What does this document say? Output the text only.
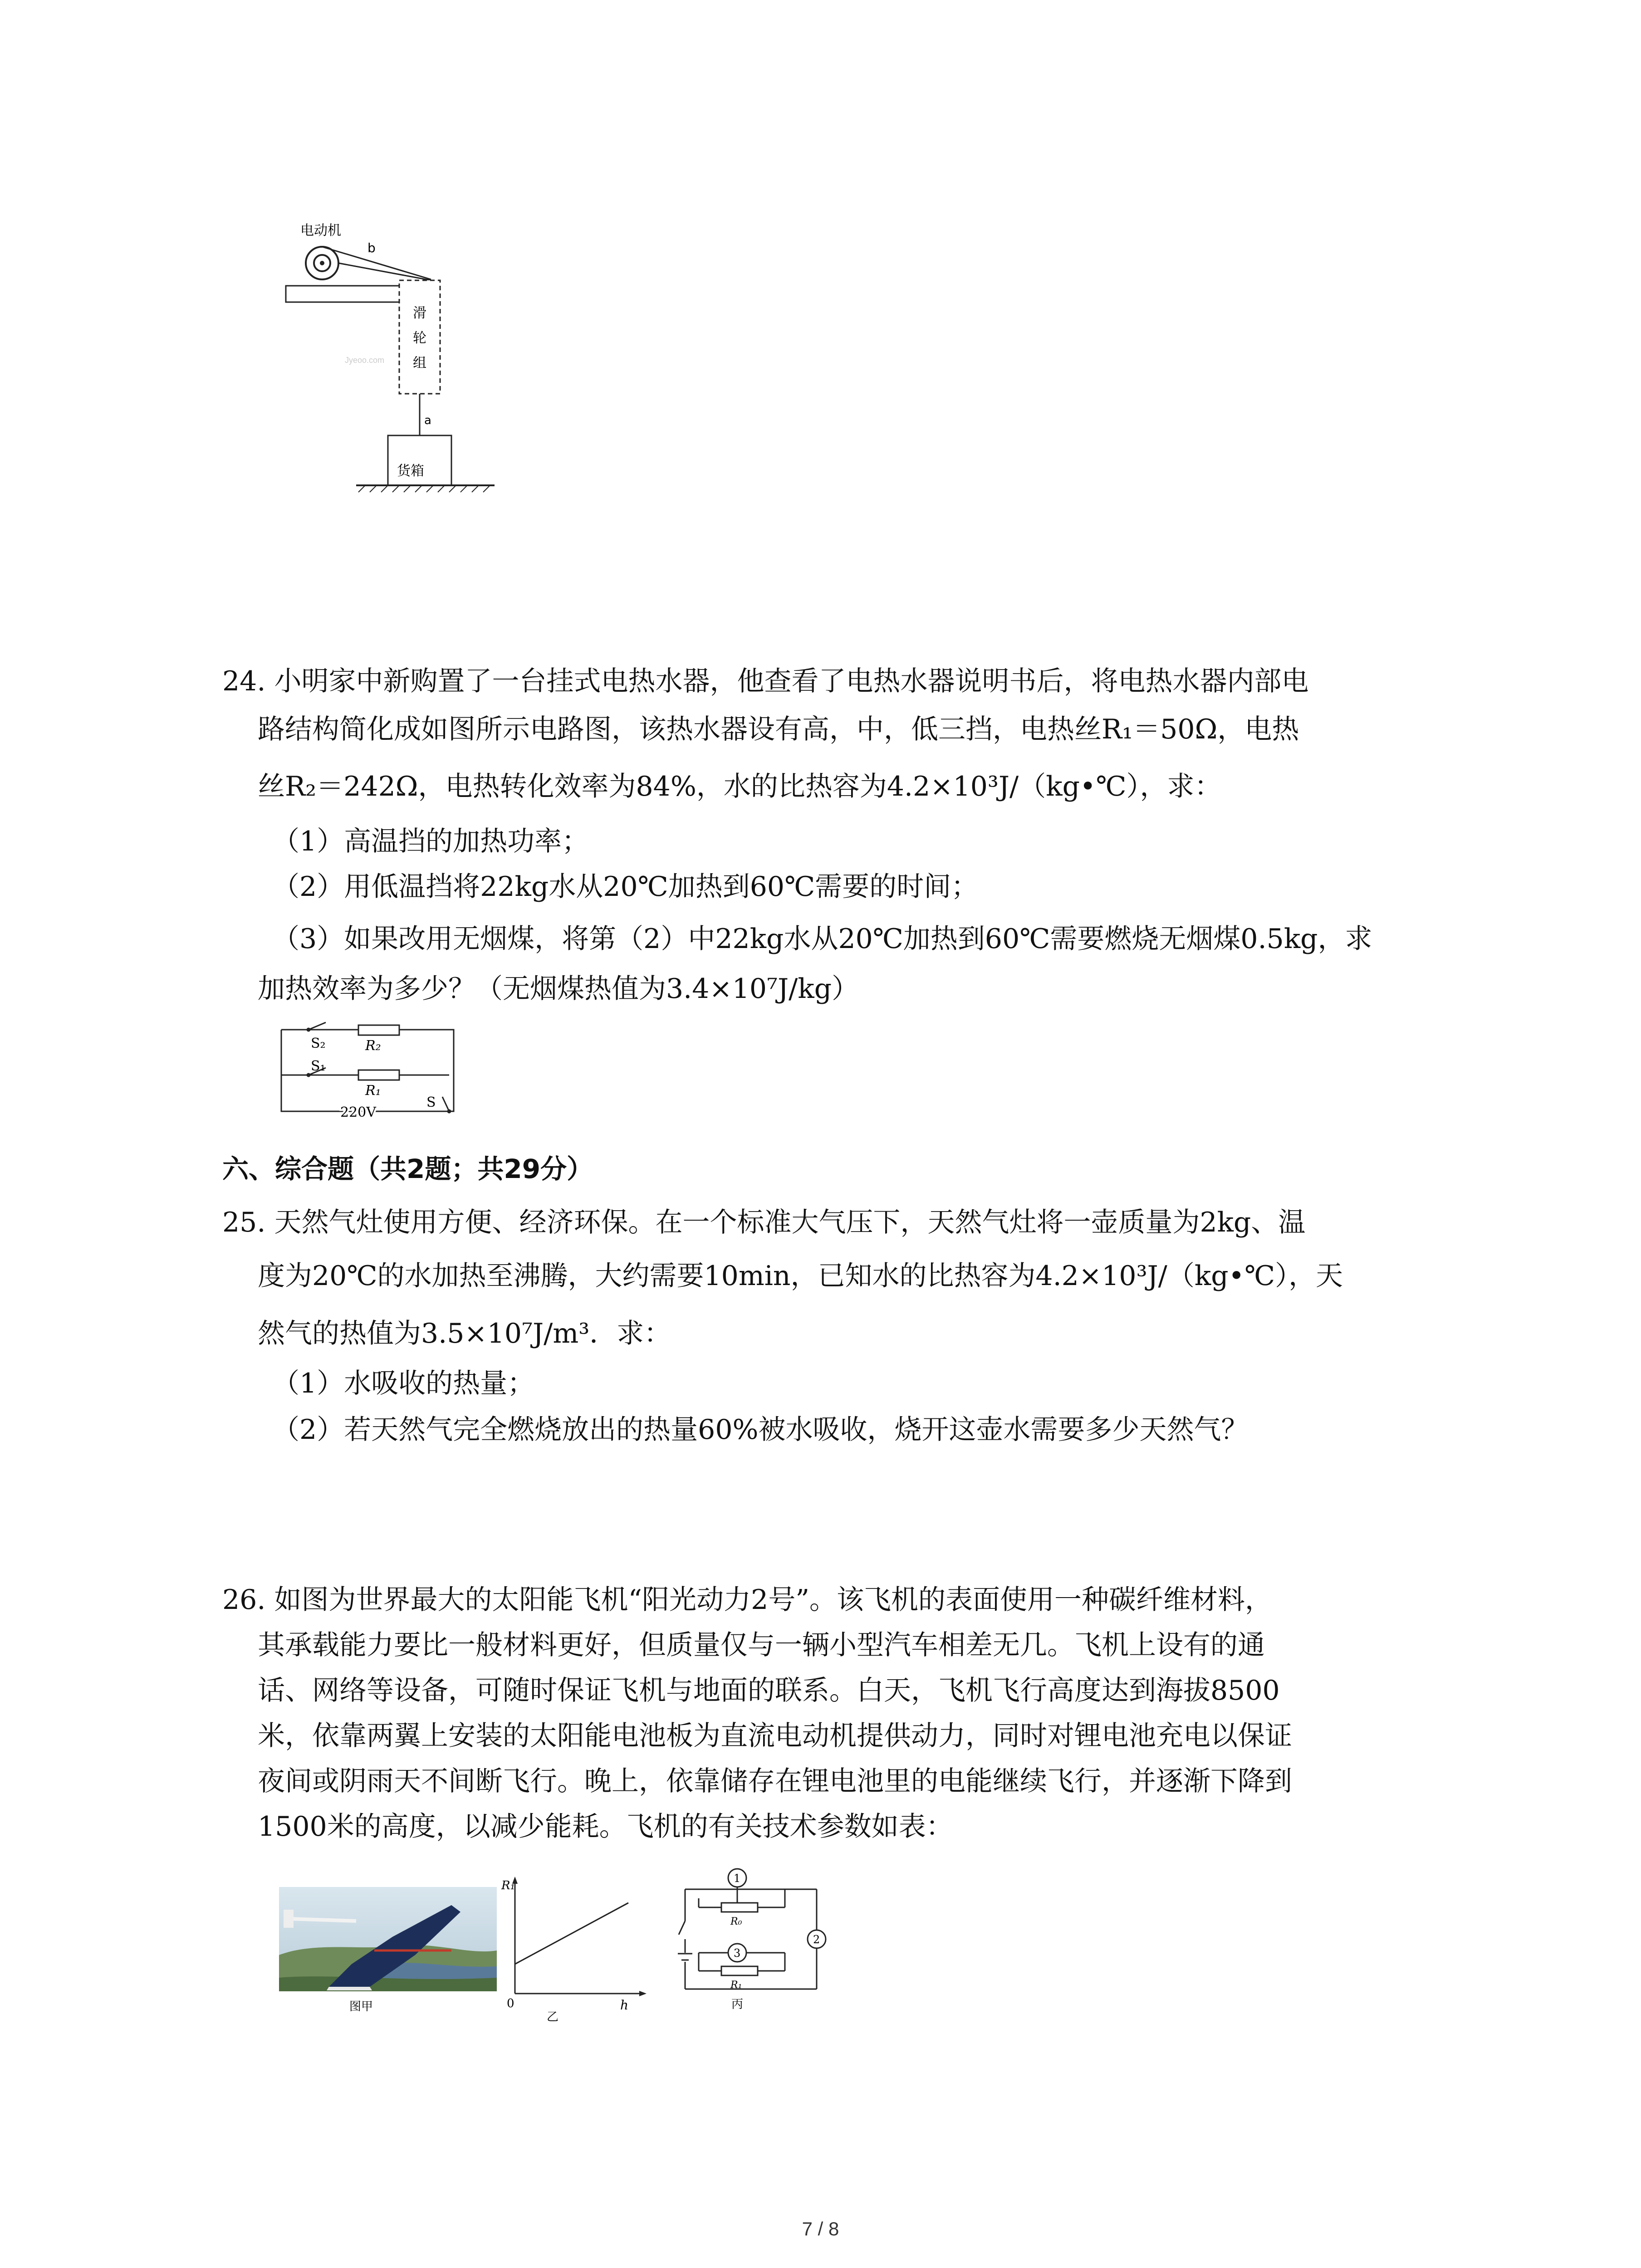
电动机
b
滑
轮
组
Jyeoo.com
a
货箱
24. 小明家中新购置了一台挂式电热水器，他查看了电热水器说明书后，将电热水器内部电
路结构简化成如图所示电路图，该热水器设有高，中，低三挡，电热丝R₁＝50Ω，电热
丝R₂＝242Ω，电热转化效率为84%，水的比热容为4.2×10³J/（kg•℃），求：
（1）高温挡的加热功率；
（2）用低温挡将22kg水从20℃加热到60℃需要的时间；
（3）如果改用无烟煤，将第（2）中22kg水从20℃加热到60℃需要燃烧无烟煤0.5kg，求
加热效率为多少？（无烟煤热值为3.4×10⁷J/kg）
S₂	R₂
S₁
R₁
220V
S
六、综合题（共2题；共29分）
25. 天然气灶使用方便、经济环保。在一个标准大气压下，天然气灶将一壶质量为2kg、温
度为20℃的水加热至沸腾，大约需要10min，已知水的比热容为4.2×10³J/（kg•℃），天
然气的热值为3.5×10⁷J/m³．求：
（1）水吸收的热量；
（2）若天然气完全燃烧放出的热量60%被水吸收，烧开这壶水需要多少天然气？
26. 如图为世界最大的太阳能飞机“阳光动力2号”。该飞机的表面使用一种碳纤维材料，
其承载能力要比一般材料更好，但质量仅与一辆小型汽车相差无几。飞机上设有的通
话、网络等设备，可随时保证飞机与地面的联系。白天，飞机飞行高度达到海拔8500
米，依靠两翼上安装的太阳能电池板为直流电动机提供动力，同时对锂电池充电以保证
夜间或阴雨天不间断飞行。晚上，依靠储存在锂电池里的电能继续飞行，并逐渐下降到
1500米的高度，以减少能耗。飞机的有关技术参数如表：
图甲
R₁
h
0
乙
1
R₀
3
R₁
2
丙
7 / 8
